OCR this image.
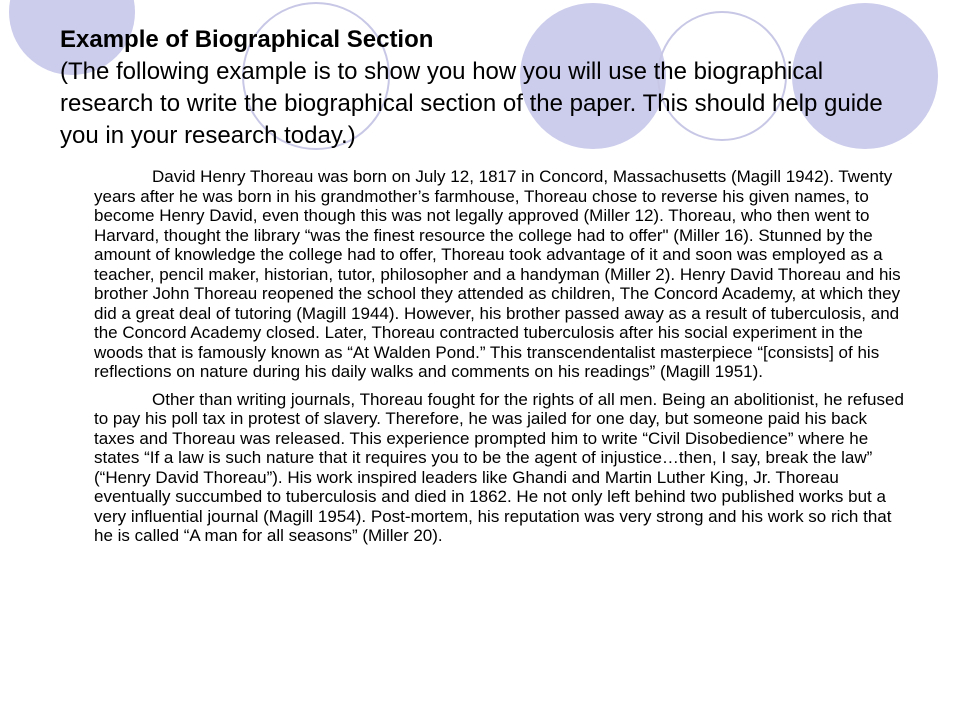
Example of Biographical Section
(The following example is to show you how you will use the biographical research to write the biographical section of the paper. This should help guide you in your research today.)

David Henry Thoreau was born on July 12, 1817 in Concord, Massachusetts (Magill 1942). Twenty years after he was born in his grandmother’s farmhouse, Thoreau chose to reverse his given names, to become Henry David, even though this was not legally approved (Miller 12). Thoreau, who then went to Harvard, thought the library “was the finest resource the college had to offer" (Miller 16). Stunned by the amount of knowledge the college had to offer, Thoreau took advantage of it and soon was employed as a teacher, pencil maker, historian, tutor, philosopher and a handyman (Miller 2). Henry David Thoreau and his brother John Thoreau reopened the school they attended as children, The Concord Academy, at which they did a great deal of tutoring (Magill 1944). However, his brother passed away as a result of tuberculosis, and the Concord Academy closed. Later, Thoreau contracted tuberculosis after his social experiment in the woods that is famously known as “At Walden Pond.” This transcendentalist masterpiece “[consists] of his reflections on nature during his daily walks and comments on his readings” (Magill 1951).

Other than writing journals, Thoreau fought for the rights of all men. Being an abolitionist, he refused to pay his poll tax in protest of slavery. Therefore, he was jailed for one day, but someone paid his back taxes and Thoreau was released. This experience prompted him to write “Civil Disobedience” where he states “If a law is such nature that it requires you to be the agent of injustice…then, I say, break the law” (“Henry David Thoreau”). His work inspired leaders like Ghandi and Martin Luther King, Jr. Thoreau eventually succumbed to tuberculosis and died in 1862. He not only left behind two published works but a very influential journal (Magill 1954). Post-mortem, his reputation was very strong and his work so rich that he is called “A man for all seasons” (Miller 20).
